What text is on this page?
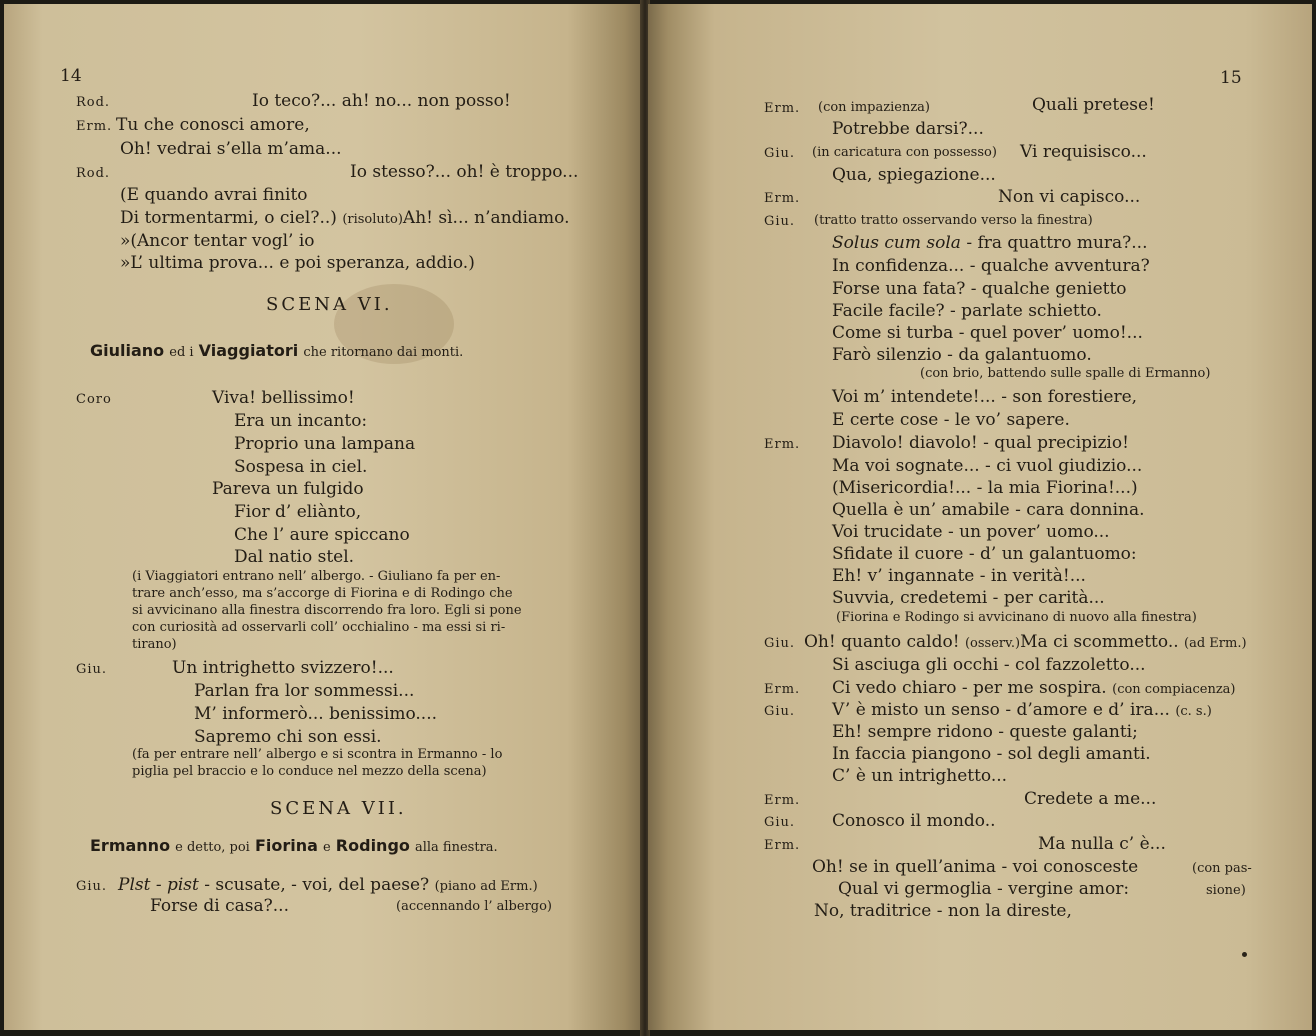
14
Rod.	Io teco?... ah! no... non posso!
Erm. Tu che conosci amore,
Oh! vedrai s’ella m’ama...
Rod.	Io stesso?... oh! è troppo...
(E quando avrai finito
Di tormentarmi, o ciel?..) (risoluto)Ah! sì... n’andiamo.
»(Ancor tentar vogl’ io
»L’ ultima prova... e poi speranza, addio.)
SCENA VI.
Giuliano ed i Viaggiatori che ritornano dai monti.
Coro	Viva! bellissimo!
Era un incanto:
Proprio una lampana
Sospesa in ciel.
Pareva un fulgido
Fior d’ eliànto,
Che l’ aure spiccano
Dal natio stel.
(i Viaggiatori entrano nell’ albergo. - Giuliano fa per en-
trare anch’esso, ma s’accorge di Fiorina e di Rodingo che
si avvicinano alla finestra discorrendo fra loro. Egli si pone
con curiosità ad osservarli coll’ occhialino - ma essi si ri-
tirano)
Giu.	Un intrighetto svizzero!...
Parlan fra lor sommessi...
M’ informerò... benissimo....
Sapremo chi son essi.
(fa per entrare nell’ albergo e si scontra in Ermanno - lo
piglia pel braccio e lo conduce nel mezzo della scena)
SCENA VII.
Ermanno e detto, poi Fiorina e Rodingo alla finestra.
Giu. Plst - pist - scusate, - voi, del paese? (piano ad Erm.)
Forse di casa?...	(accennando l’ albergo)
15
Erm. (con impazienza)	Quali pretese!
Potrebbe darsi?...
Giu. (in caricatura con possesso) Vi requisisco...
Qua, spiegazione...
Erm.	Non vi capisco...
Giu. (tratto tratto osservando verso la finestra)
Solus cum sola - fra quattro mura?...
In confidenza... - qualche avventura?
Forse una fata? - qualche genietto
Facile facile? - parlate schietto.
Come si turba - quel pover’ uomo!...
Farò silenzio - da galantuomo.
(con brio, battendo sulle spalle di Ermanno)
Voi m’ intendete!... - son forestiere,
E certe cose - le vo’ sapere.
Erm. Diavolo! diavolo! - qual precipizio!
Ma voi sognate... - ci vuol giudizio...
(Misericordia!... - la mia Fiorina!...)
Quella è un’ amabile - cara donnina.
Voi trucidate - un pover’ uomo...
Sfidate il cuore - d’ un galantuomo:
Eh! v’ ingannate - in verità!...
Suvvia, credetemi - per carità...
(Fiorina e Rodingo si avvicinano di nuovo alla finestra)
Giu. Oh! quanto caldo! (osserv.)Ma ci scommetto.. (ad Erm.)
Si asciuga gli occhi - col fazzoletto...
Erm. Ci vedo chiaro - per me sospira. (con compiacenza)
Giu. V’ è misto un senso - d’amore e d’ ira... (c. s.)
Eh! sempre ridono - queste galanti;
In faccia piangono - sol degli amanti.
C’ è un intrighetto...
Erm.	Credete a me...
Giu. Conosco il mondo..
Erm.	Ma nulla c’ è...
Oh! se in quell’anima - voi conosceste	(con pas-
Qual vi germoglia - vergine amor:	sione)
No, traditrice - non la direste,
